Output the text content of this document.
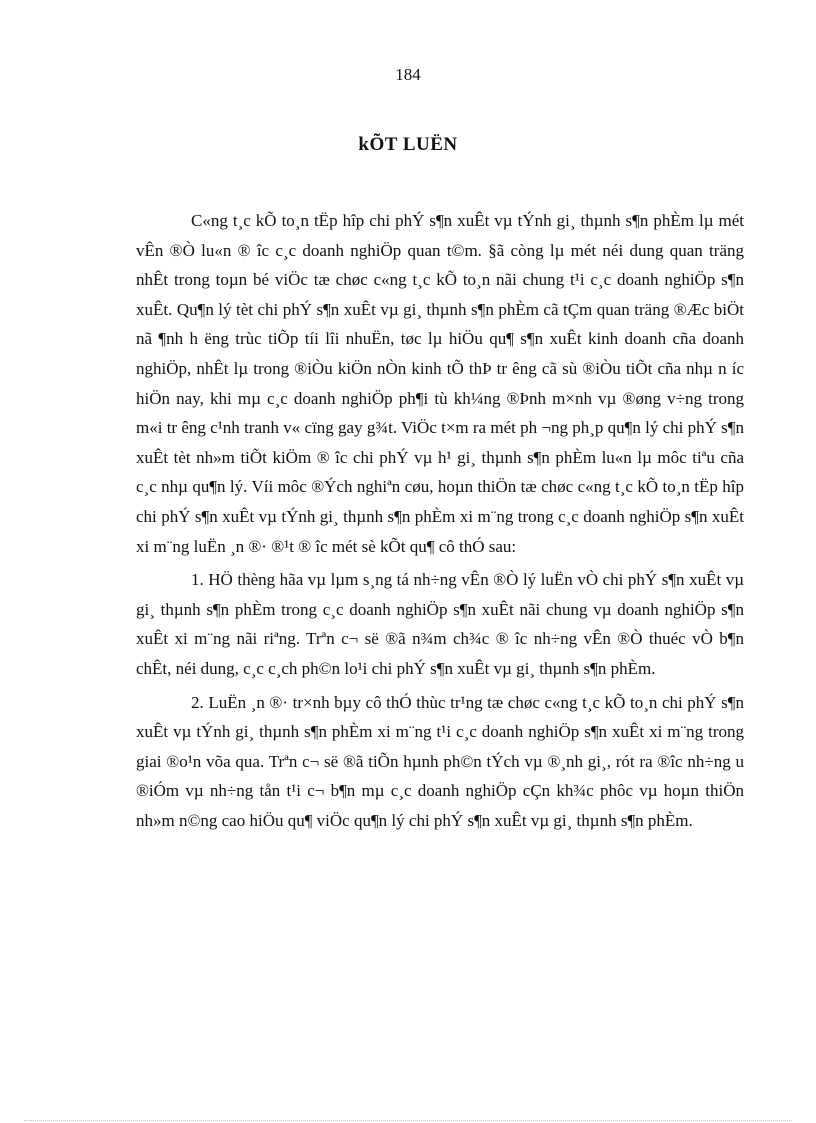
184
kÕT LUËN

C«ng t¸c kÕ to¸n tËp hîp chi phÝ s¶n xuÊt vµ tÝnh gi¸ thµnh s¶n phÈm lµ mét vÊn ®Ò lu«n ® îc c¸c doanh nghiÖp quan t©m. §ã còng lµ mét néi dung quan träng nhÊt trong toµn bé viÖc tæ chøc c«ng t¸c kÕ to¸n nãi chung t¹i c¸c doanh nghiÖp s¶n xuÊt. Qu¶n lý tèt chi phÝ s¶n xuÊt vµ gi¸ thµnh s¶n phÈm cã tÇm quan träng ®Æc biÖt nã ¶nh h ëng trùc tiÕp tíi lîi nhuËn, tøc lµ hiÖu qu¶ s¶n xuÊt kinh doanh cña doanh nghiÖp, nhÊt lµ trong ®iÒu kiÖn nÒn kinh tÕ thÞ tr êng cã sù ®iÒu tiÕt cña nhµ n íc hiÖn nay, khi mµ c¸c doanh nghiÖp ph¶i tù kh¼ng ®Þnh m×nh vµ ®øng v÷ng trong m«i tr êng c¹nh tranh v« cïng gay g¾t. ViÖc t×m ra mét ph ¬ng ph¸p qu¶n lý chi phÝ s¶n xuÊt tèt nh»m tiÕt kiÖm ® îc chi phÝ vµ h¹ gi¸ thµnh s¶n phÈm lu«n lµ môc tiªu cña c¸c nhµ qu¶n lý. Víi môc ®Ých nghiªn cøu, hoµn thiÖn tæ chøc c«ng t¸c kÕ to¸n tËp hîp chi phÝ s¶n xuÊt vµ tÝnh gi¸ thµnh s¶n phÈm xi m¨ng trong c¸c doanh nghiÖp s¶n xuÊt xi m¨ng luËn ¸n ®· ®¹t ® îc mét sè kÕt qu¶ cô thÓ sau:

1. HÖ thèng hãa vµ lµm s¸ng tá nh÷ng vÊn ®Ò lý luËn vÒ chi phÝ s¶n xuÊt vµ gi¸ thµnh s¶n phÈm trong c¸c doanh nghiÖp s¶n xuÊt nãi chung vµ doanh nghiÖp s¶n xuÊt xi m¨ng nãi riªng. Trªn c¬ së ®ã n¾m ch¾c ® îc nh÷ng vÊn ®Ò thuéc vÒ b¶n chÊt, néi dung, c¸c c¸ch ph©n lo¹i chi phÝ s¶n xuÊt vµ gi¸ thµnh s¶n phÈm.

2. LuËn ¸n ®· tr×nh bµy cô thÓ thùc tr¹ng tæ chøc c«ng t¸c kÕ to¸n chi phÝ s¶n xuÊt vµ tÝnh gi¸ thµnh s¶n phÈm xi m¨ng t¹i c¸c doanh nghiÖp s¶n xuÊt xi m¨ng trong giai ®o¹n võa qua. Trªn c¬ së ®ã tiÕn hµnh ph©n tÝch vµ ®¸nh gi¸, rót ra ®îc nh÷ng u ®iÓm vµ nh÷ng tån t¹i c¬ b¶n mµ c¸c doanh nghiÖp cÇn kh¾c phôc vµ hoµn thiÖn nh»m n©ng cao hiÖu qu¶ viÖc qu¶n lý chi phÝ s¶n xuÊt vµ gi¸ thµnh s¶n phÈm.
